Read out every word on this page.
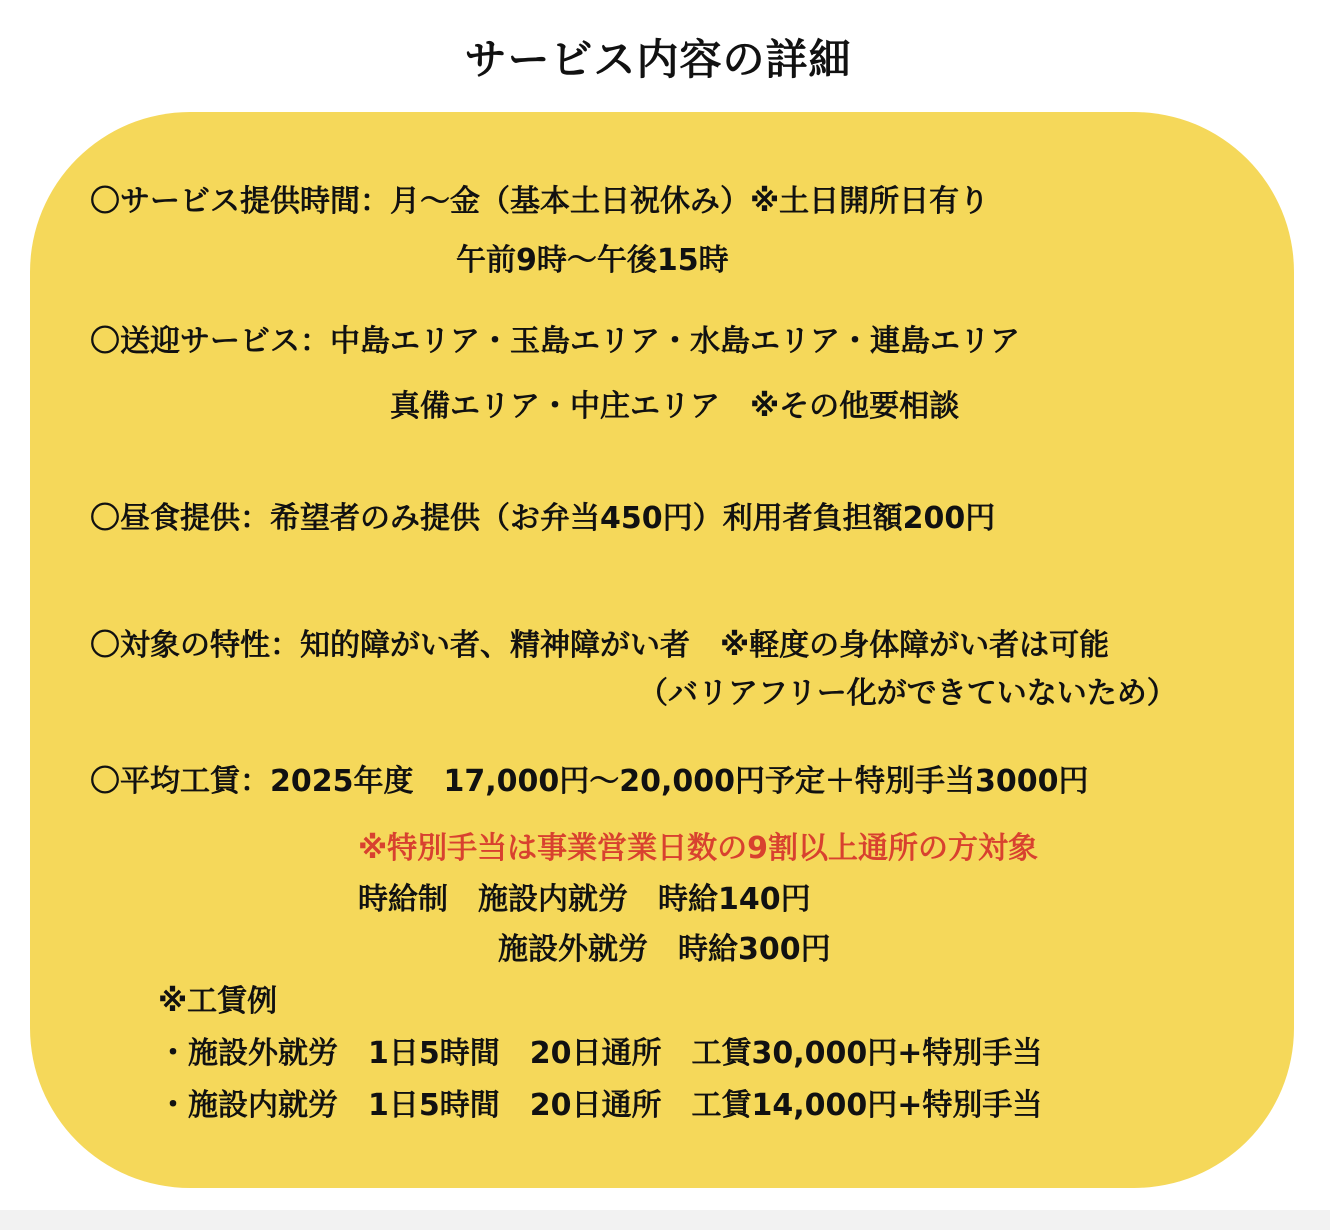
サービス内容の詳細
〇サービス提供時間：月〜金（基本土日祝休み）※土日開所日有り
午前9時〜午後15時
〇送迎サービス：中島エリア・玉島エリア・水島エリア・連島エリア
真備エリア・中庄エリア　※その他要相談
〇昼食提供：希望者のみ提供（お弁当450円）利用者負担額200円
〇対象の特性：知的障がい者、精神障がい者　※軽度の身体障がい者は可能
（バリアフリー化ができていないため）
〇平均工賃：2025年度　17,000円〜20,000円予定＋特別手当3000円
※特別手当は事業営業日数の9割以上通所の方対象
時給制　施設内就労　時給140円
施設外就労　時給300円
※工賃例
・施設外就労　1日5時間　20日通所　工賃30,000円+特別手当
・施設内就労　1日5時間　20日通所　工賃14,000円+特別手当
